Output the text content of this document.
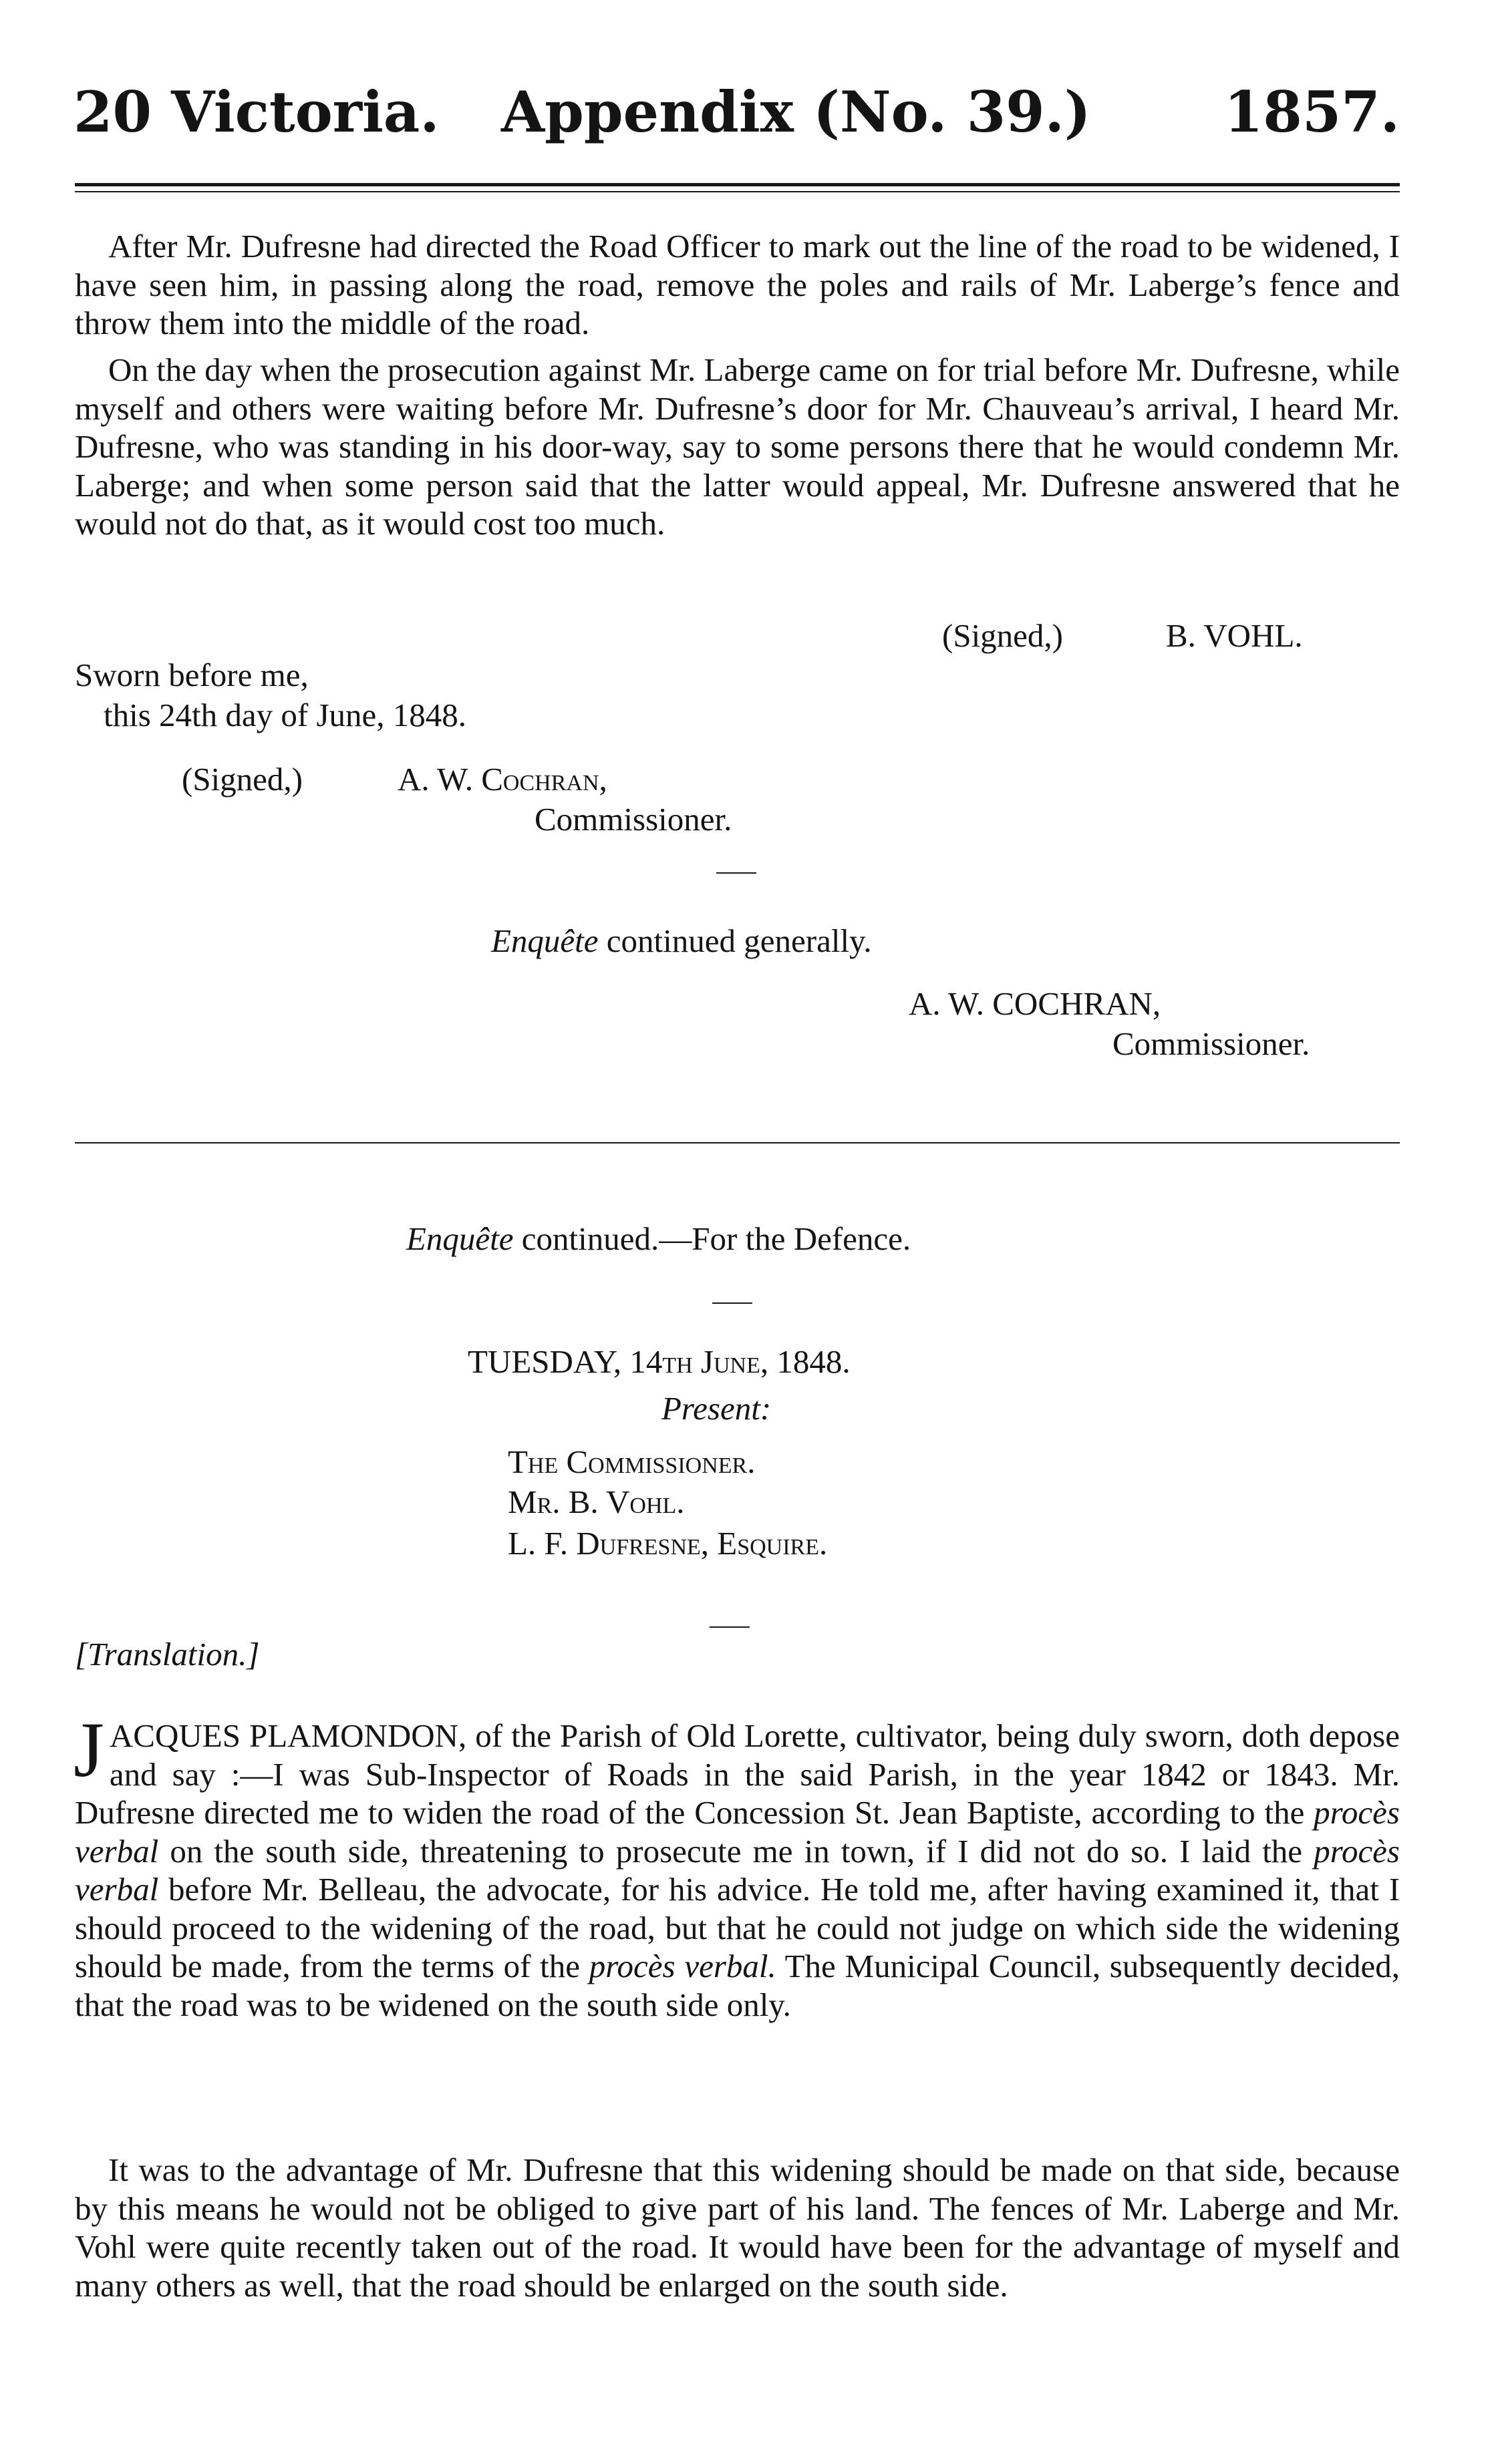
20 Victoria. Appendix (No. 39.) 1857.
After Mr. Dufresne had directed the Road Officer to mark out the line of the road to be widened, I have seen him, in passing along the road, remove the poles and rails of Mr. Laberge’s fence and throw them into the middle of the road.
On the day when the prosecution against Mr. Laberge came on for trial before Mr. Dufresne, while myself and others were waiting before Mr. Dufresne’s door for Mr. Chauveau’s arrival, I heard Mr. Dufresne, who was standing in his door-way, say to some persons there that he would condemn Mr. Laberge; and when some person said that the latter would appeal, Mr. Dufresne answered that he would not do that, as it would cost too much.
(Signed,)	B. VOHL.
Sworn before me,
this 24th day of June, 1848.
(Signed,)	A. W. Cochran,
Commissioner.
Enquête continued generally.
A. W. COCHRAN,
Commissioner.
Enquête continued.—For the Defence.
TUESDAY, 14th June, 1848.
Present:
The Commissioner.
Mr. B. Vohl.
L. F. Dufresne, Esquire.
[Translation.]
J ACQUES PLAMONDON, of the Parish of Old Lorette, cultivator, being duly sworn, doth depose and say :—I was Sub-Inspector of Roads in the said Parish, in the year 1842 or 1843. Mr. Dufresne directed me to widen the road of the Concession St. Jean Baptiste, according to the procès verbal on the south side, threatening to prosecute me in town, if I did not do so. I laid the procès verbal before Mr. Belleau, the advocate, for his advice. He told me, after having examined it, that I should proceed to the widening of the road, but that he could not judge on which side the widening should be made, from the terms of the procès verbal. The Municipal Council, subsequently decided, that the road was to be widened on the south side only.
It was to the advantage of Mr. Dufresne that this widening should be made on that side, because by this means he would not be obliged to give part of his land. The fences of Mr. Laberge and Mr. Vohl were quite recently taken out of the road. It would have been for the advantage of myself and many others as well, that the road should be enlarged on the south side.
